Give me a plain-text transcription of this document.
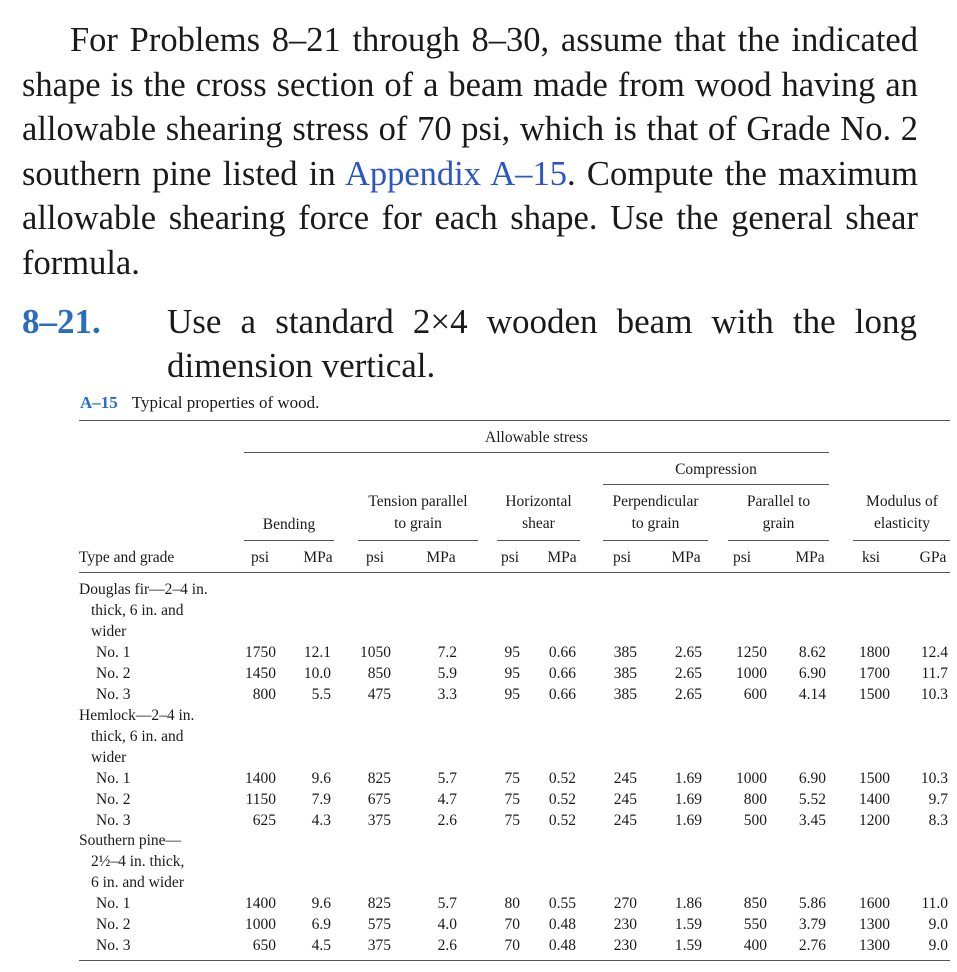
For Problems 8–21 through 8–30, assume that the indicated shape is the cross section of a beam made from wood having an allowable shearing stress of 70 psi, which is that of Grade No. 2 southern pine listed in Appendix A–15. Compute the maximum allowable shearing force for each shape. Use the general shear formula.

8–21. Use a standard 2×4 wooden beam with the long dimension vertical.

A–15 Typical properties of wood.
Allowable stress
Compression
Bending
Tension parallel
to grain
Horizontal
shear
Perpendicular
to grain
Parallel to
grain
Modulus of
elasticity
Type and grade	psi	MPa	psi	MPa	psi	MPa	psi	MPa	psi	MPa	ksi	GPa
Douglas fir—2–4 in.
thick, 6 in. and
wider
No. 1	1750	12.1	1050	7.2	95	0.66	385	2.65	1250	8.62	1800	12.4
No. 2	1450	10.0	850	5.9	95	0.66	385	2.65	1000	6.90	1700	11.7
No. 3	800	5.5	475	3.3	95	0.66	385	2.65	600	4.14	1500	10.3
Hemlock—2–4 in.
thick, 6 in. and
wider
No. 1	1400	9.6	825	5.7	75	0.52	245	1.69	1000	6.90	1500	10.3
No. 2	1150	7.9	675	4.7	75	0.52	245	1.69	800	5.52	1400	9.7
No. 3	625	4.3	375	2.6	75	0.52	245	1.69	500	3.45	1200	8.3
Southern pine—
2½–4 in. thick,
6 in. and wider
No. 1	1400	9.6	825	5.7	80	0.55	270	1.86	850	5.86	1600	11.0
No. 2	1000	6.9	575	4.0	70	0.48	230	1.59	550	3.79	1300	9.0
No. 3	650	4.5	375	2.6	70	0.48	230	1.59	400	2.76	1300	9.0
